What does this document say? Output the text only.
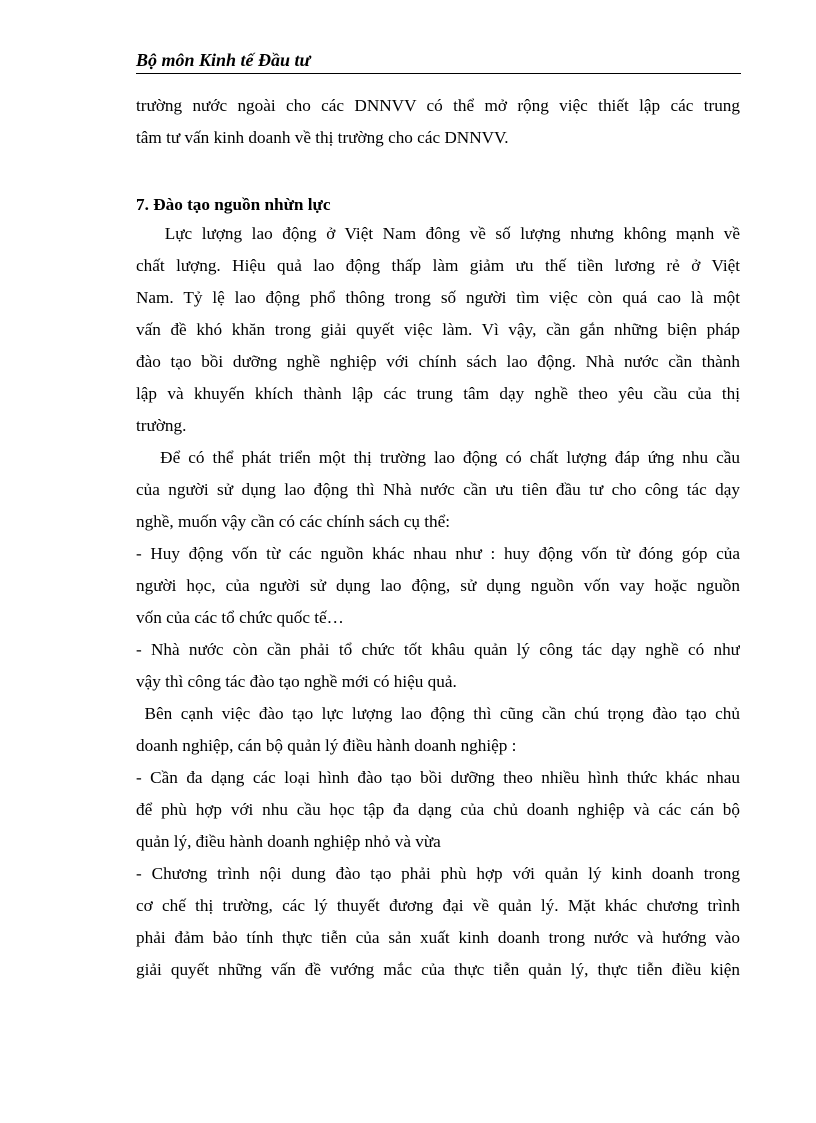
Bộ môn Kinh tế Đầu tư
trường nước ngoài cho các DNNVV có thể mở rộng việc thiết lập các trung
tâm tư vấn kinh doanh về thị trường cho các DNNVV.
7. Đào tạo nguồn nhừn lực
Lực lượng lao động ở Việt Nam đông về số lượng nhưng không mạnh về
chất lượng. Hiệu quả lao động thấp làm giảm ưu thế tiền lương rẻ ở Việt
Nam. Tỷ lệ lao động phổ thông trong số người tìm việc còn quá cao là một
vấn đề khó khăn trong giải quyết việc làm. Vì vậy, cần gắn những biện pháp
đào tạo bồi dưỡng nghề nghiệp với chính sách lao động. Nhà nước cần thành
lập và khuyến khích thành lập các trung tâm dạy nghề theo yêu cầu của thị
trường.
Để có thể phát triển một thị trường lao động có chất lượng đáp ứng nhu cầu
của người sử dụng lao động thì Nhà nước cần ưu tiên đầu tư cho công tác dạy
nghề, muốn vậy cần có các chính sách cụ thể:
- Huy động vốn từ các nguồn khác nhau như : huy động vốn từ đóng góp của
người học, của người sử dụng lao động, sử dụng nguồn vốn vay hoặc nguồn
vốn của các tổ chức quốc tế…
- Nhà nước còn cần phải tổ chức tốt khâu quản lý công tác dạy nghề có như
vậy thì công tác đào tạo nghề mới có hiệu quả.
Bên cạnh việc đào tạo lực lượng lao động thì cũng cần chú trọng đào tạo chủ
doanh nghiệp, cán bộ quản lý điều hành doanh nghiệp :
- Cần đa dạng các loại hình đào tạo bồi dưỡng theo nhiều hình thức khác nhau
để phù hợp với nhu cầu học tập đa dạng của chủ doanh nghiệp và các cán bộ
quản lý, điều hành doanh nghiệp nhỏ và vừa
- Chương trình nội dung đào tạo phải phù hợp với quản lý kinh doanh trong
cơ chế thị trường, các lý thuyết đương đại về quản lý. Mặt khác chương trình
phải đảm bảo tính thực tiễn của sản xuất kinh doanh trong nước và hướng vào
giải quyết những vấn đề vướng mắc của thực tiễn quản lý, thực tiễn điều kiện
